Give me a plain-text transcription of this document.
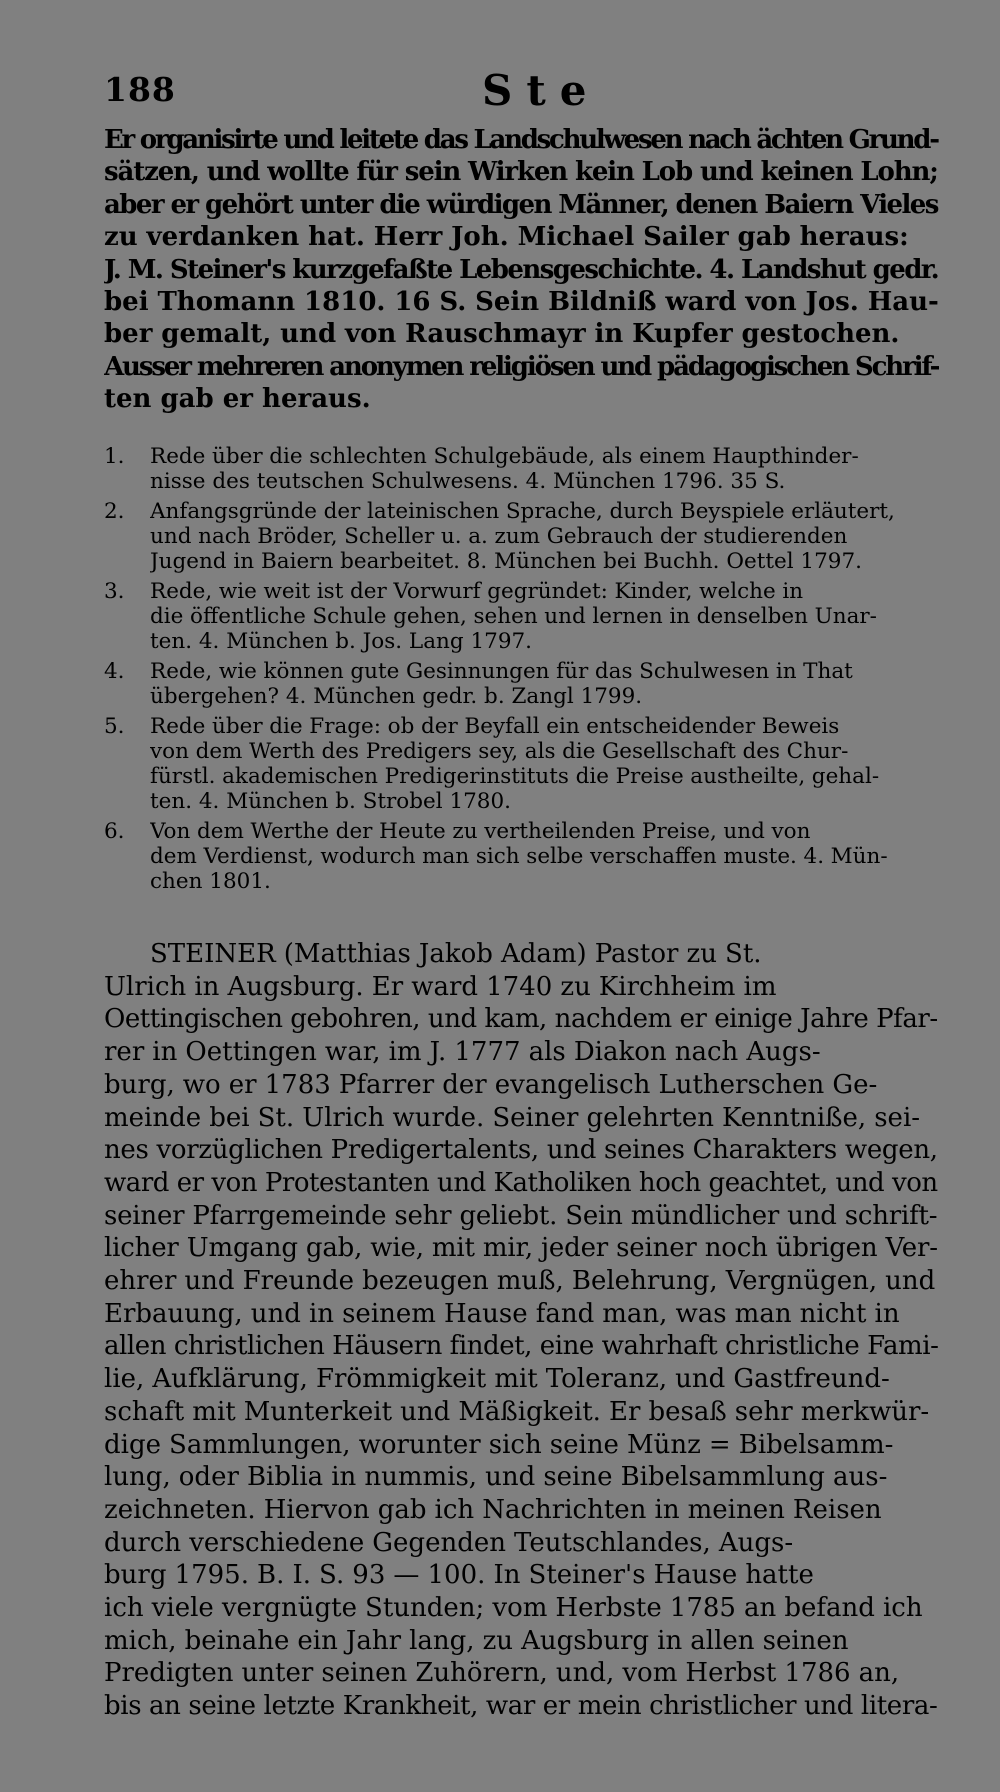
188	Ste
Er organisirte und leitete das Landschulwesen nach ächten Grund-
sätzen, und wollte für sein Wirken kein Lob und keinen Lohn;
aber er gehört unter die würdigen Männer, denen Baiern Vieles
zu verdanken hat. Herr Joh. Michael Sailer gab heraus:
J. M. Steiner's kurzgefaßte Lebensgeschichte. 4. Landshut gedr.
bei Thomann 1810. 16 S. Sein Bildniß ward von Jos. Hau-
ber gemalt, und von Rauschmayr in Kupfer gestochen.
Ausser mehreren anonymen religiösen und pädagogischen Schrif-
ten gab er heraus.
1. Rede über die schlechten Schulgebäude, als einem Haupthinder-
nisse des teutschen Schulwesens. 4. München 1796. 35 S.
2. Anfangsgründe der lateinischen Sprache, durch Beyspiele erläutert,
und nach Bröder, Scheller u. a. zum Gebrauch der studierenden
Jugend in Baiern bearbeitet. 8. München bei Buchh. Oettel 1797.
3. Rede, wie weit ist der Vorwurf gegründet: Kinder, welche in
die öffentliche Schule gehen, sehen und lernen in denselben Unar-
ten. 4. München b. Jos. Lang 1797.
4. Rede, wie können gute Gesinnungen für das Schulwesen in That
übergehen? 4. München gedr. b. Zangl 1799.
5. Rede über die Frage: ob der Beyfall ein entscheidender Beweis
von dem Werth des Predigers sey, als die Gesellschaft des Chur-
fürstl. akademischen Predigerinstituts die Preise austheilte, gehal-
ten. 4. München b. Strobel 1780.
6. Von dem Werthe der Heute zu vertheilenden Preise, und von
dem Verdienst, wodurch man sich selbe verschaffen muste. 4. Mün-
chen 1801.
STEINER (Matthias Jakob Adam) Pastor zu St.
Ulrich in Augsburg. Er ward 1740 zu Kirchheim im
Oettingischen gebohren, und kam, nachdem er einige Jahre Pfar-
rer in Oettingen war, im J. 1777 als Diakon nach Augs-
burg, wo er 1783 Pfarrer der evangelisch Lutherschen Ge-
meinde bei St. Ulrich wurde. Seiner gelehrten Kenntniße, sei-
nes vorzüglichen Predigertalents, und seines Charakters wegen,
ward er von Protestanten und Katholiken hoch geachtet, und von
seiner Pfarrgemeinde sehr geliebt. Sein mündlicher und schrift-
licher Umgang gab, wie, mit mir, jeder seiner noch übrigen Ver-
ehrer und Freunde bezeugen muß, Belehrung, Vergnügen, und
Erbauung, und in seinem Hause fand man, was man nicht in
allen christlichen Häusern findet, eine wahrhaft christliche Fami-
lie, Aufklärung, Frömmigkeit mit Toleranz, und Gastfreund-
schaft mit Munterkeit und Mäßigkeit. Er besaß sehr merkwür-
dige Sammlungen, worunter sich seine Münz = Bibelsamm-
lung, oder Biblia in nummis, und seine Bibelsammlung aus-
zeichneten. Hiervon gab ich Nachrichten in meinen Reisen
durch verschiedene Gegenden Teutschlandes, Augs-
burg 1795. B. I. S. 93 — 100. In Steiner's Hause hatte
ich viele vergnügte Stunden; vom Herbste 1785 an befand ich
mich, beinahe ein Jahr lang, zu Augsburg in allen seinen
Predigten unter seinen Zuhörern, und, vom Herbst 1786 an,
bis an seine letzte Krankheit, war er mein christlicher und litera-
